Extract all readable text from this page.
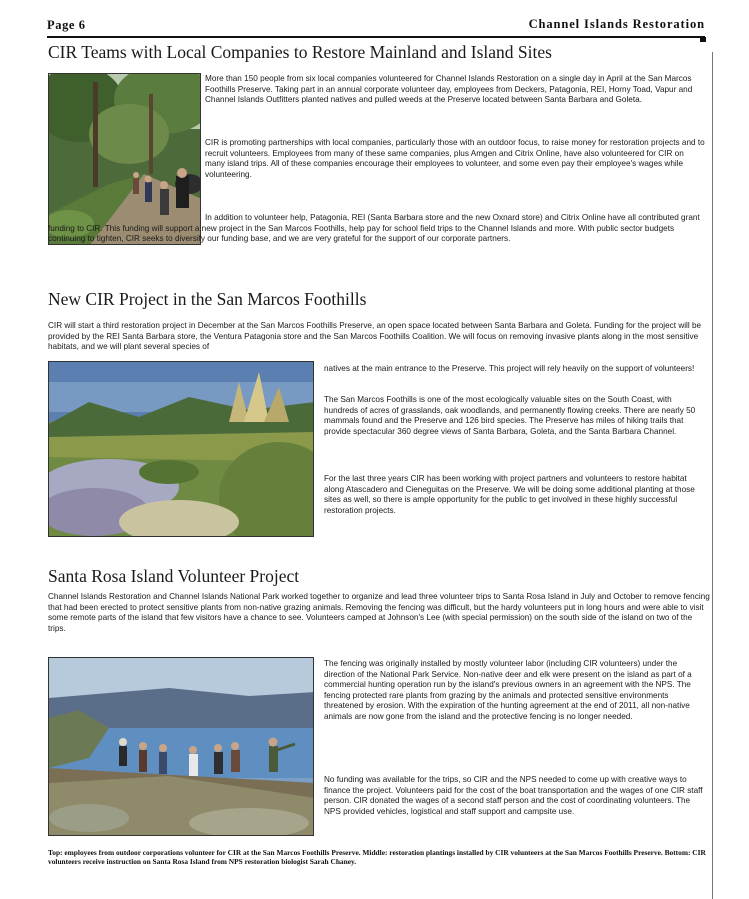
Page 6	Channel Islands Restoration
CIR Teams with Local Companies to Restore Mainland and Island Sites
More than 150 people from six local companies volunteered for Channel Islands Restoration on a single day in April at the San Marcos Foothills Preserve. Taking part in an annual corporate volunteer day, employees from Deckers, Patagonia, REI, Horny Toad, Vapur and Channel Islands Outfitters planted natives and pulled weeds at the Preserve located between Santa Barbara and Goleta.
CIR is promoting partnerships with local companies, particularly those with an outdoor focus, to raise money for restoration projects and to recruit volunteers. Employees from many of these same companies, plus Amgen and Citrix Online, have also volunteered for CIR on many island trips. All of these companies encourage their employees to volunteer, and some even pay their employee's wages while volunteering.
In addition to volunteer help, Patagonia, REI (Santa Barbara store and the new Oxnard store) and Citrix Online have all contributed grant funding to CIR. This funding will support a new project in the San Marcos Foothills, help pay for school field trips to the Channel Islands and more. With public sector budgets continuing to tighten, CIR seeks to diversify our funding base, and we are very grateful for the support of our corporate partners.
New CIR Project in the San Marcos Foothills
CIR will start a third restoration project in December at the San Marcos Foothills Preserve, an open space located between Santa Barbara and Goleta. Funding for the project will be provided by the REI Santa Barbara store, the Ventura Patagonia store and the San Marcos Foothills Coalition. We will focus on removing invasive plants along in the most sensitive habitats, and we will plant several species of
natives at the main entrance to the Preserve. This project will rely heavily on the support of volunteers!
The San Marcos Foothills is one of the most ecologically valuable sites on the South Coast, with hundreds of acres of grasslands, oak woodlands, and permanently flowing creeks. There are nearly 50 mammals found and the Preserve and 126 bird species. The Preserve has miles of hiking trails that provide spectacular 360 degree views of Santa Barbara, Goleta, and the Santa Barbara Channel.
For the last three years CIR has been working with project partners and volunteers to restore habitat along Atascadero and Cieneguitas on the Preserve. We will be doing some additional planting at those sites as well, so there is ample opportunity for the public to get involved in these highly successful restoration projects.
Santa Rosa Island Volunteer Project
Channel Islands Restoration and Channel Islands National Park worked together to organize and lead three volunteer trips to Santa Rosa Island in July and October to remove fencing that had been erected to protect sensitive plants from non-native grazing animals. Removing the fencing was difficult, but the hardy volunteers put in long hours and were able to visit some remote parts of the island that few visitors have a chance to see. Volunteers camped at Johnson's Lee (with special permission) on the south side of the island on two of the trips.
The fencing was originally installed by mostly volunteer labor (including CIR volunteers) under the direction of the National Park Service. Non-native deer and elk were present on the island as part of a commercial hunting operation run by the island's previous owners in an agreement with the NPS. The fencing protected rare plants from grazing by the animals and protected sensitive environments threatened by erosion. With the expiration of the hunting agreement at the end of 2011, all non-native animals are now gone from the island and the protective fencing is no longer needed.
No funding was available for the trips, so CIR and the NPS needed to come up with creative ways to finance the project. Volunteers paid for the cost of the boat transportation and the wages of one CIR staff person. CIR donated the wages of a second staff person and the cost of coordinating volunteers. The NPS provided vehicles, logistical and staff support and campsite use.
Top: employees from outdoor corporations volunteer for CIR at the San Marcos Foothills Preserve. Middle: restoration plantings installed by CIR volunteers at the San Marcos Foothills Preserve. Bottom: CIR volunteers receive instruction on Santa Rosa Island from NPS restoration biologist Sarah Chaney.
